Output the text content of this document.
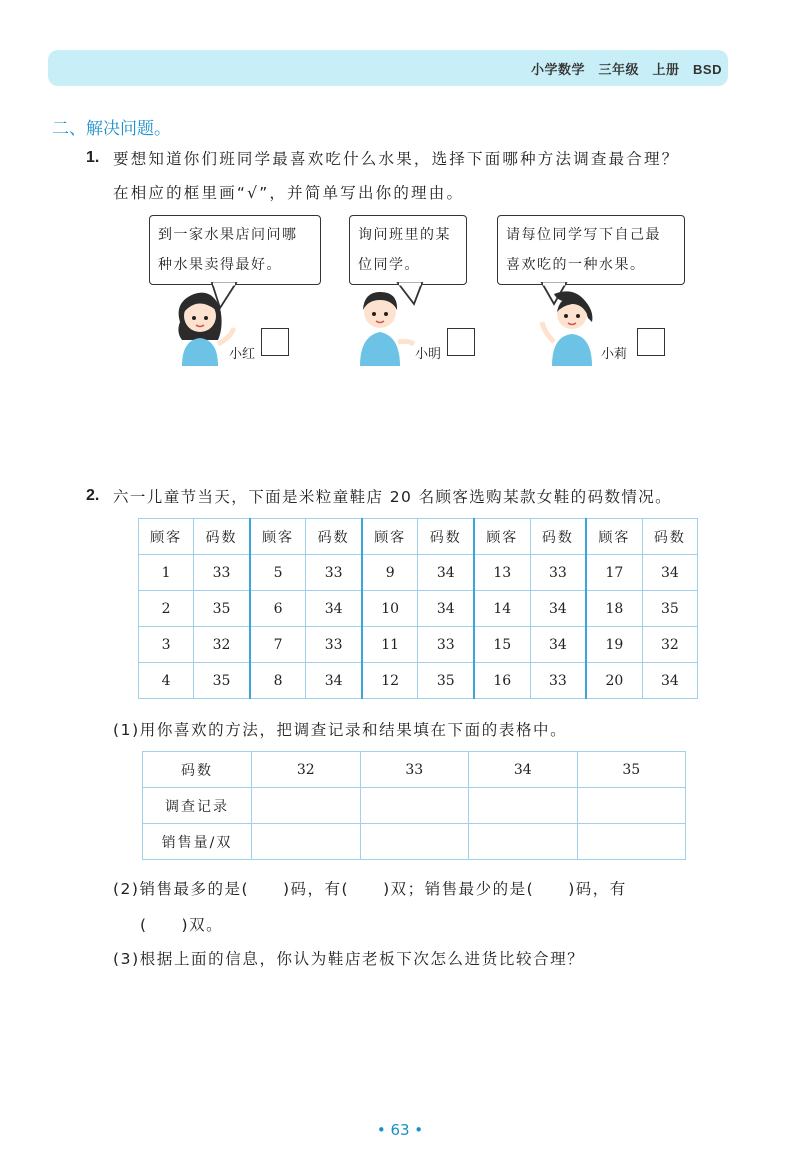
小学数学　三年级　上册　BSD
二、解决问题。
1. 要想知道你们班同学最喜欢吃什么水果，选择下面哪种方法调查最合理？
在相应的框里画“√”，并简单写出你的理由。
到一家水果店问问哪
种水果卖得最好。
小红
询问班里的某
位同学。
小明
请每位同学写下自己最
喜欢吃的一种水果。
小莉
2. 六一儿童节当天，下面是米粒童鞋店 20 名顾客选购某款女鞋的码数情况。
顾客	码数	顾客	码数	顾客	码数	顾客	码数	顾客	码数
1	33	5	33	9	34	13	33	17	34
2	35	6	34	10	34	14	34	18	35
3	32	7	33	11	33	15	34	19	32
4	35	8	34	12	35	16	33	20	34
(1)用你喜欢的方法，把调查记录和结果填在下面的表格中。
码数	32	33	34	35
调查记录				
销售量/双				
(2)销售最多的是(　　)码，有(　　)双；销售最少的是(　　)码，有
(　　)双。
(3)根据上面的信息，你认为鞋店老板下次怎么进货比较合理？
• 63 •
